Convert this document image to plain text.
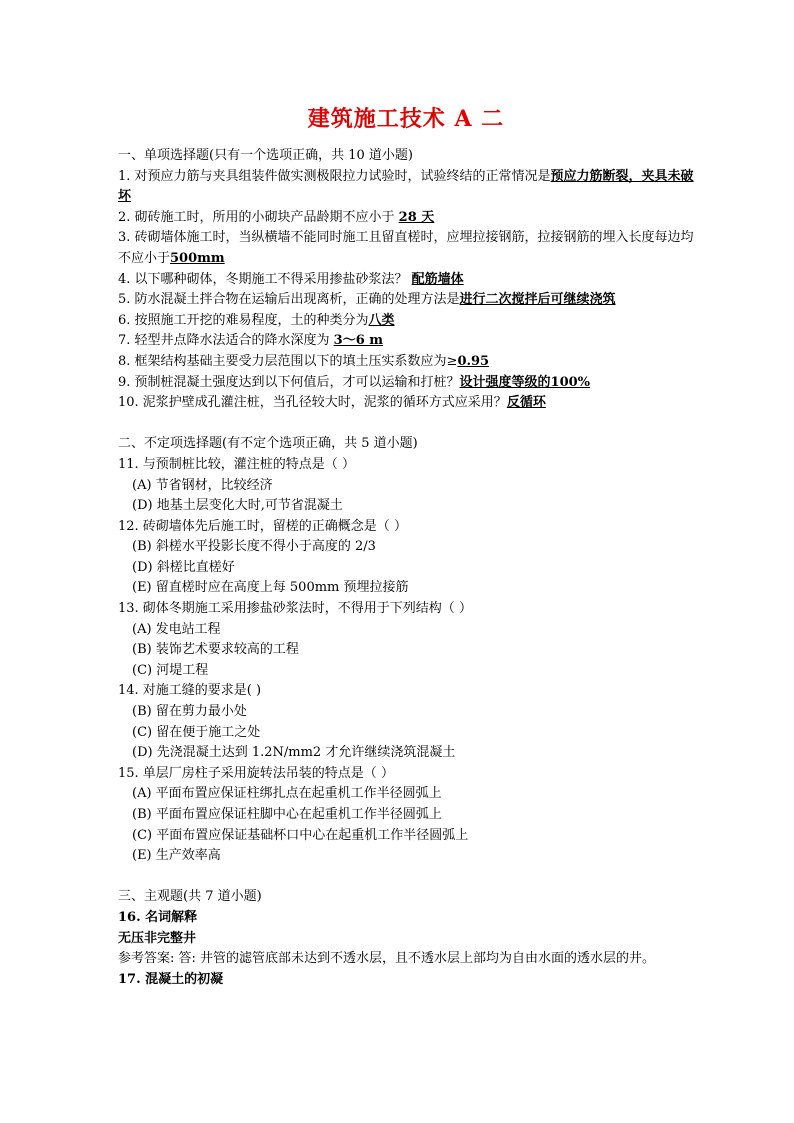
建筑施工技术 A 二

一、单项选择题(只有一个选项正确，共 10 道小题)

1. 对预应力筋与夹具组装件做实测极限拉力试验时，试验终结的正常情况是预应力筋断裂，夹具未破坏

2. 砌砖施工时，所用的小砌块产品龄期不应小于 28 天

3. 砖砌墙体施工时，当纵横墙不能同时施工且留直槎时，应埋拉接钢筋，拉接钢筋的埋入长度每边均不应小于500mm

4. 以下哪种砌体，冬期施工不得采用掺盐砂浆法？ 配筋墙体

5. 防水混凝土拌合物在运输后出现离析，正确的处理方法是进行二次搅拌后可继续浇筑

6. 按照施工开挖的难易程度，土的种类分为八类

7. 轻型井点降水法适合的降水深度为 3～6 m

8. 框架结构基础主要受力层范围以下的填土压实系数应为≥0.95

9. 预制桩混凝土强度达到以下何值后，才可以运输和打桩？设计强度等级的100%

10. 泥浆护壁成孔灌注桩，当孔径较大时，泥浆的循环方式应采用？反循环

二、不定项选择题(有不定个选项正确，共 5 道小题)

11. 与预制桩比较，灌注桩的特点是（ ）

(A) 节省钢材，比较经济

(D) 地基土层变化大时,可节省混凝土

12. 砖砌墙体先后施工时，留槎的正确概念是（ ）

(B) 斜槎水平投影长度不得小于高度的 2/3

(D) 斜槎比直槎好

(E) 留直槎时应在高度上每 500mm 预埋拉接筋

13. 砌体冬期施工采用掺盐砂浆法时，不得用于下列结构（ ）

(A) 发电站工程

(B) 装饰艺术要求较高的工程

(C) 河堤工程

14. 对施工缝的要求是( )

(B) 留在剪力最小处

(C) 留在便于施工之处

(D) 先浇混凝土达到 1.2N/mm2 才允许继续浇筑混凝土

15. 单层厂房柱子采用旋转法吊装的特点是（ ）

(A) 平面布置应保证柱绑扎点在起重机工作半径圆弧上

(B) 平面布置应保证柱脚中心在起重机工作半径圆弧上

(C) 平面布置应保证基础杯口中心在起重机工作半径圆弧上

(E) 生产效率高

三、主观题(共 7 道小题)

16. 名词解释

无压非完整井

参考答案: 答: 井管的滤管底部未达到不透水层，且不透水层上部均为自由水面的透水层的井。

17. 混凝土的初凝
